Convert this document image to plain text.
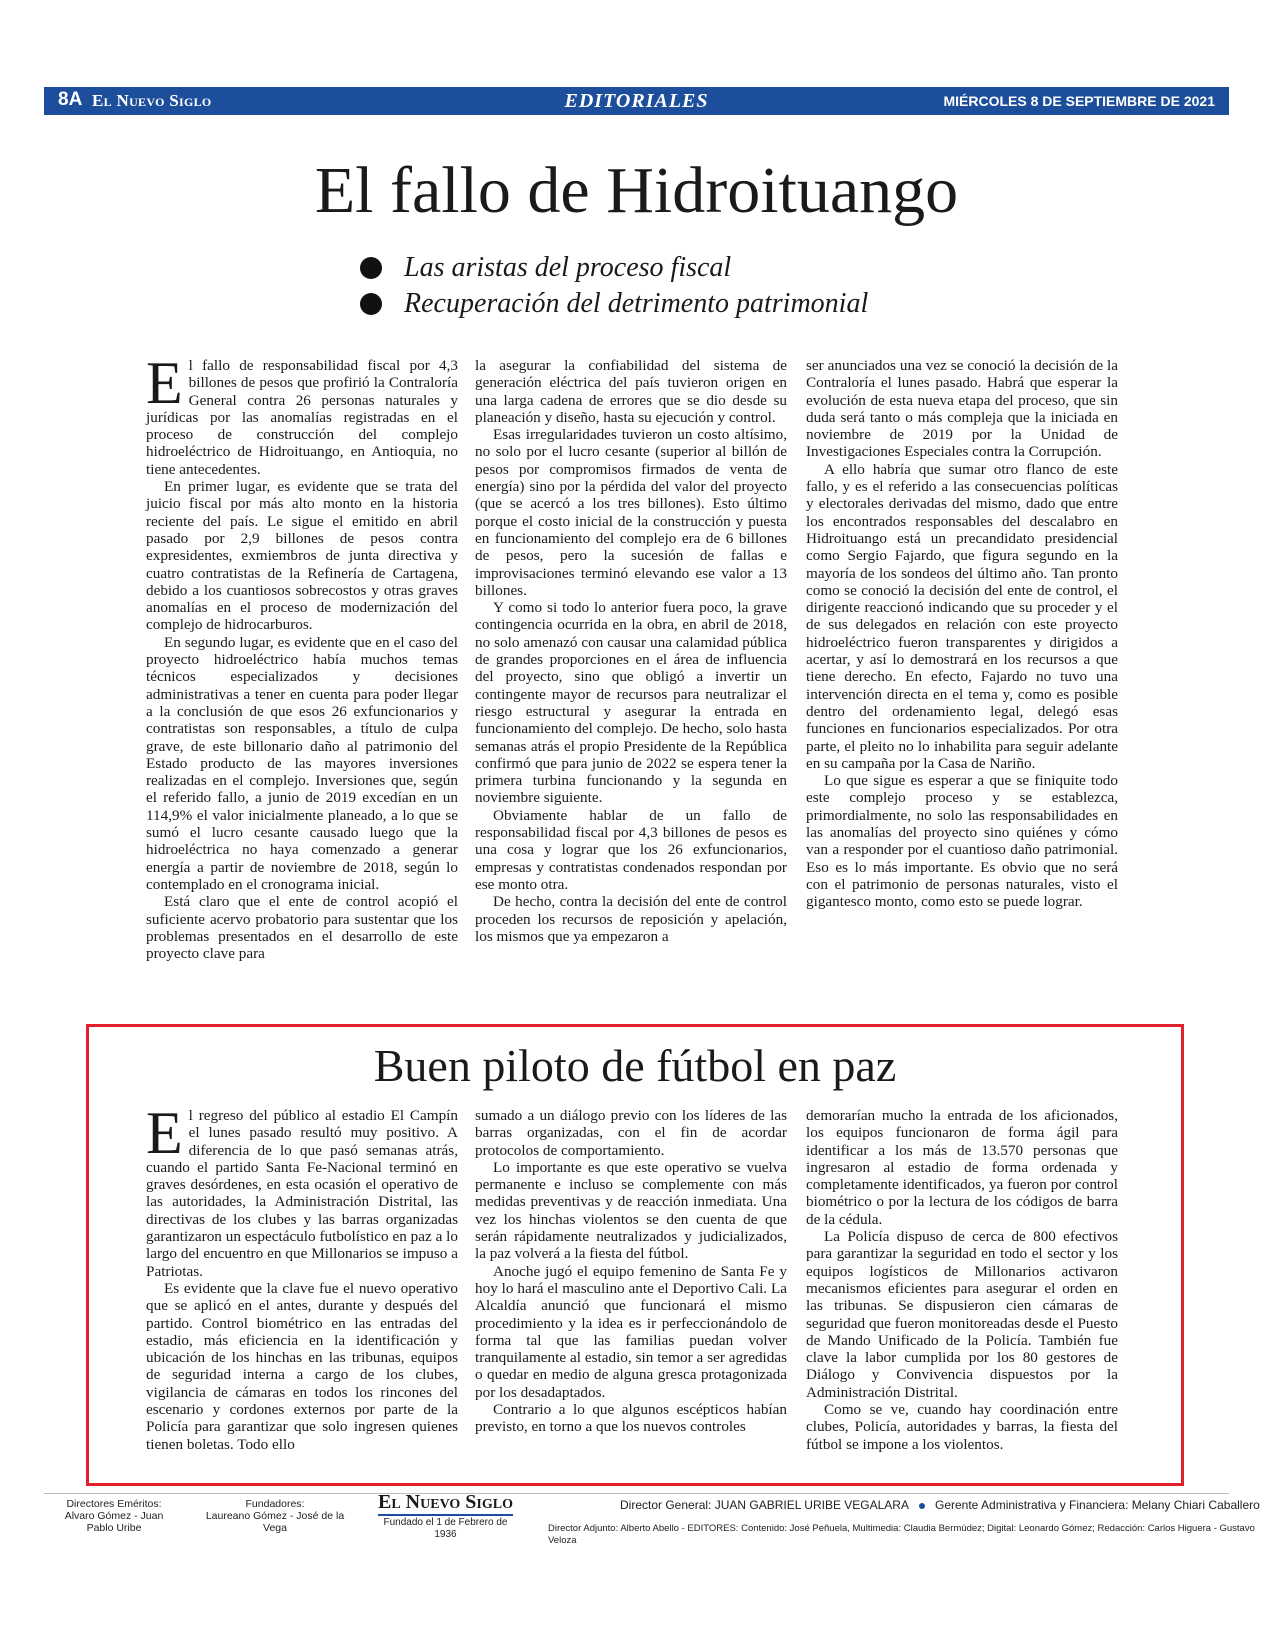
8A El Nuevo Siglo	EDITORIALES	MIÉRCOLES 8 DE SEPTIEMBRE DE 2021
El fallo de Hidroituango
Las aristas del proceso fiscal
Recuperación del detrimento patrimonial

El fallo de responsabilidad fiscal por 4,3 billones de pesos que profirió la Contraloría General contra 26 personas naturales y jurídicas por las anomalías registradas en el proceso de construcción del complejo hidroeléctrico de Hidroituango, en Antioquia, no tiene antecedentes.

En primer lugar, es evidente que se trata del juicio fiscal por más alto monto en la historia reciente del país. Le sigue el emitido en abril pasado por 2,9 billones de pesos contra expresidentes, exmiembros de junta directiva y cuatro contratistas de la Refinería de Cartagena, debido a los cuantiosos sobrecostos y otras graves anomalías en el proceso de modernización del complejo de hidrocarburos.

En segundo lugar, es evidente que en el caso del proyecto hidroeléctrico había muchos temas técnicos especializados y decisiones administrativas a tener en cuenta para poder llegar a la conclusión de que esos 26 exfuncionarios y contratistas son responsables, a título de culpa grave, de este billonario daño al patrimonio del Estado producto de las mayores inversiones realizadas en el complejo. Inversiones que, según el referido fallo, a junio de 2019 excedían en un 114,9% el valor inicialmente planeado, a lo que se sumó el lucro cesante causado luego que la hidroeléctrica no haya comenzado a generar energía a partir de noviembre de 2018, según lo contemplado en el cronograma inicial.

Está claro que el ente de control acopió el suficiente acervo probatorio para sustentar que los problemas presentados en el desarrollo de este proyecto clave para

la asegurar la confiabilidad del sistema de generación eléctrica del país tuvieron origen en una larga cadena de errores que se dio desde su planeación y diseño, hasta su ejecución y control.

Esas irregularidades tuvieron un costo altísimo, no solo por el lucro cesante (superior al billón de pesos por compromisos firmados de venta de energía) sino por la pérdida del valor del proyecto (que se acercó a los tres billones). Esto último porque el costo inicial de la construcción y puesta en funcionamiento del complejo era de 6 billones de pesos, pero la sucesión de fallas e improvisaciones terminó elevando ese valor a 13 billones.

Y como si todo lo anterior fuera poco, la grave contingencia ocurrida en la obra, en abril de 2018, no solo amenazó con causar una calamidad pública de grandes proporciones en el área de influencia del proyecto, sino que obligó a invertir un contingente mayor de recursos para neutralizar el riesgo estructural y asegurar la entrada en funcionamiento del complejo. De hecho, solo hasta semanas atrás el propio Presidente de la República confirmó que para junio de 2022 se espera tener la primera turbina funcionando y la segunda en noviembre siguiente.

Obviamente hablar de un fallo de responsabilidad fiscal por 4,3 billones de pesos es una cosa y lograr que los 26 exfuncionarios, empresas y contratistas condenados respondan por ese monto otra.

De hecho, contra la decisión del ente de control proceden los recursos de reposición y apelación, los mismos que ya empezaron a

ser anunciados una vez se conoció la decisión de la Contraloría el lunes pasado. Habrá que esperar la evolución de esta nueva etapa del proceso, que sin duda será tanto o más compleja que la iniciada en noviembre de 2019 por la Unidad de Investigaciones Especiales contra la Corrupción.

A ello habría que sumar otro flanco de este fallo, y es el referido a las consecuencias políticas y electorales derivadas del mismo, dado que entre los encontrados responsables del descalabro en Hidroituango está un precandidato presidencial como Sergio Fajardo, que figura segundo en la mayoría de los sondeos del último año. Tan pronto como se conoció la decisión del ente de control, el dirigente reaccionó indicando que su proceder y el de sus delegados en relación con este proyecto hidroeléctrico fueron transparentes y dirigidos a acertar, y así lo demostrará en los recursos a que tiene derecho. En efecto, Fajardo no tuvo una intervención directa en el tema y, como es posible dentro del ordenamiento legal, delegó esas funciones en funcionarios especializados. Por otra parte, el pleito no lo inhabilita para seguir adelante en su campaña por la Casa de Nariño.

Lo que sigue es esperar a que se finiquite todo este complejo proceso y se establezca, primordialmente, no solo las responsabilidades en las anomalías del proyecto sino quiénes y cómo van a responder por el cuantioso daño patrimonial. Eso es lo más importante. Es obvio que no será con el patrimonio de personas naturales, visto el gigantesco monto, como esto se puede lograr.

Buen piloto de fútbol en paz

El regreso del público al estadio El Campín el lunes pasado resultó muy positivo. A diferencia de lo que pasó semanas atrás, cuando el partido Santa Fe-Nacional terminó en graves desórdenes, en esta ocasión el operativo de las autoridades, la Administración Distrital, las directivas de los clubes y las barras organizadas garantizaron un espectáculo futbolístico en paz a lo largo del encuentro en que Millonarios se impuso a Patriotas.

Es evidente que la clave fue el nuevo operativo que se aplicó en el antes, durante y después del partido. Control biométrico en las entradas del estadio, más eficiencia en la identificación y ubicación de los hinchas en las tribunas, equipos de seguridad interna a cargo de los clubes, vigilancia de cámaras en todos los rincones del escenario y cordones externos por parte de la Policía para garantizar que solo ingresen quienes tienen boletas. Todo ello

sumado a un diálogo previo con los líderes de las barras organizadas, con el fin de acordar protocolos de comportamiento.

Lo importante es que este operativo se vuelva permanente e incluso se complemente con más medidas preventivas y de reacción inmediata. Una vez los hinchas violentos se den cuenta de que serán rápidamente neutralizados y judicializados, la paz volverá a la fiesta del fútbol.

Anoche jugó el equipo femenino de Santa Fe y hoy lo hará el masculino ante el Deportivo Cali. La Alcaldía anunció que funcionará el mismo procedimiento y la idea es ir perfeccionándolo de forma tal que las familias puedan volver tranquilamente al estadio, sin temor a ser agredidas o quedar en medio de alguna gresca protagonizada por los desadaptados.

Contrario a lo que algunos escépticos habían previsto, en torno a que los nuevos controles

demorarían mucho la entrada de los aficionados, los equipos funcionaron de forma ágil para identificar a los más de 13.570 personas que ingresaron al estadio de forma ordenada y completamente identificados, ya fueron por control biométrico o por la lectura de los códigos de barra de la cédula.

La Policía dispuso de cerca de 800 efectivos para garantizar la seguridad en todo el sector y los equipos logísticos de Millonarios activaron mecanismos eficientes para asegurar el orden en las tribunas. Se dispusieron cien cámaras de seguridad que fueron monitoreadas desde el Puesto de Mando Unificado de la Policía. También fue clave la labor cumplida por los 80 gestores de Diálogo y Convivencia dispuestos por la Administración Distrital.

Como se ve, cuando hay coordinación entre clubes, Policía, autoridades y barras, la fiesta del fútbol se impone a los violentos.

Directores Eméritos:
Alvaro Gómez - Juan Pablo Uribe
Fundadores:
Laureano Gómez - José de la Vega
El Nuevo Siglo
Fundado el 1 de Febrero de 1936
Director General: JUAN GABRIEL URIBE VEGALARA Gerente Administrativa y Financiera: Melany Chiari Caballero
Director Adjunto: Alberto Abello - EDITORES: Contenido: José Peñuela, Multimedia: Claudia Bermúdez; Digital: Leonardo Gómez; Redacción: Carlos Higuera - Gustavo Veloza
